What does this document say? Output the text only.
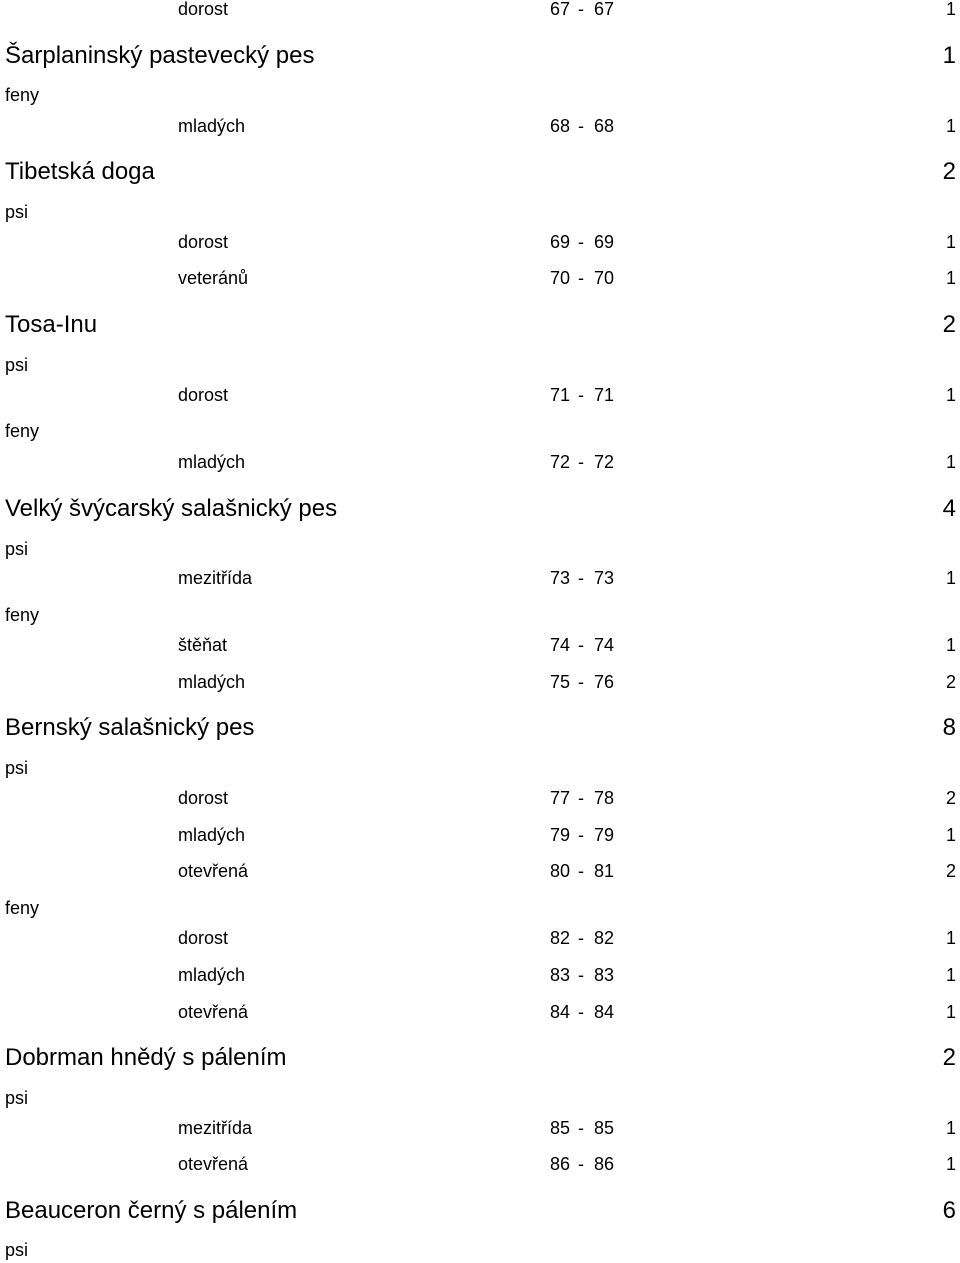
dorost	67 - 67	1
Šarplaninský pastevecký pes	1
feny
mladých	68 - 68	1
Tibetská doga	2
psi
dorost	69 - 69	1
veteránů	70 - 70	1
Tosa-Inu	2
psi
dorost	71 - 71	1
feny
mladých	72 - 72	1
Velký švýcarský salašnický pes	4
psi
mezitřída	73 - 73	1
feny
štěňat	74 - 74	1
mladých	75 - 76	2
Bernský salašnický pes	8
psi
dorost	77 - 78	2
mladých	79 - 79	1
otevřená	80 - 81	2
feny
dorost	82 - 82	1
mladých	83 - 83	1
otevřená	84 - 84	1
Dobrman hnědý s pálením	2
psi
mezitřída	85 - 85	1
otevřená	86 - 86	1
Beauceron černý s pálením	6
psi
